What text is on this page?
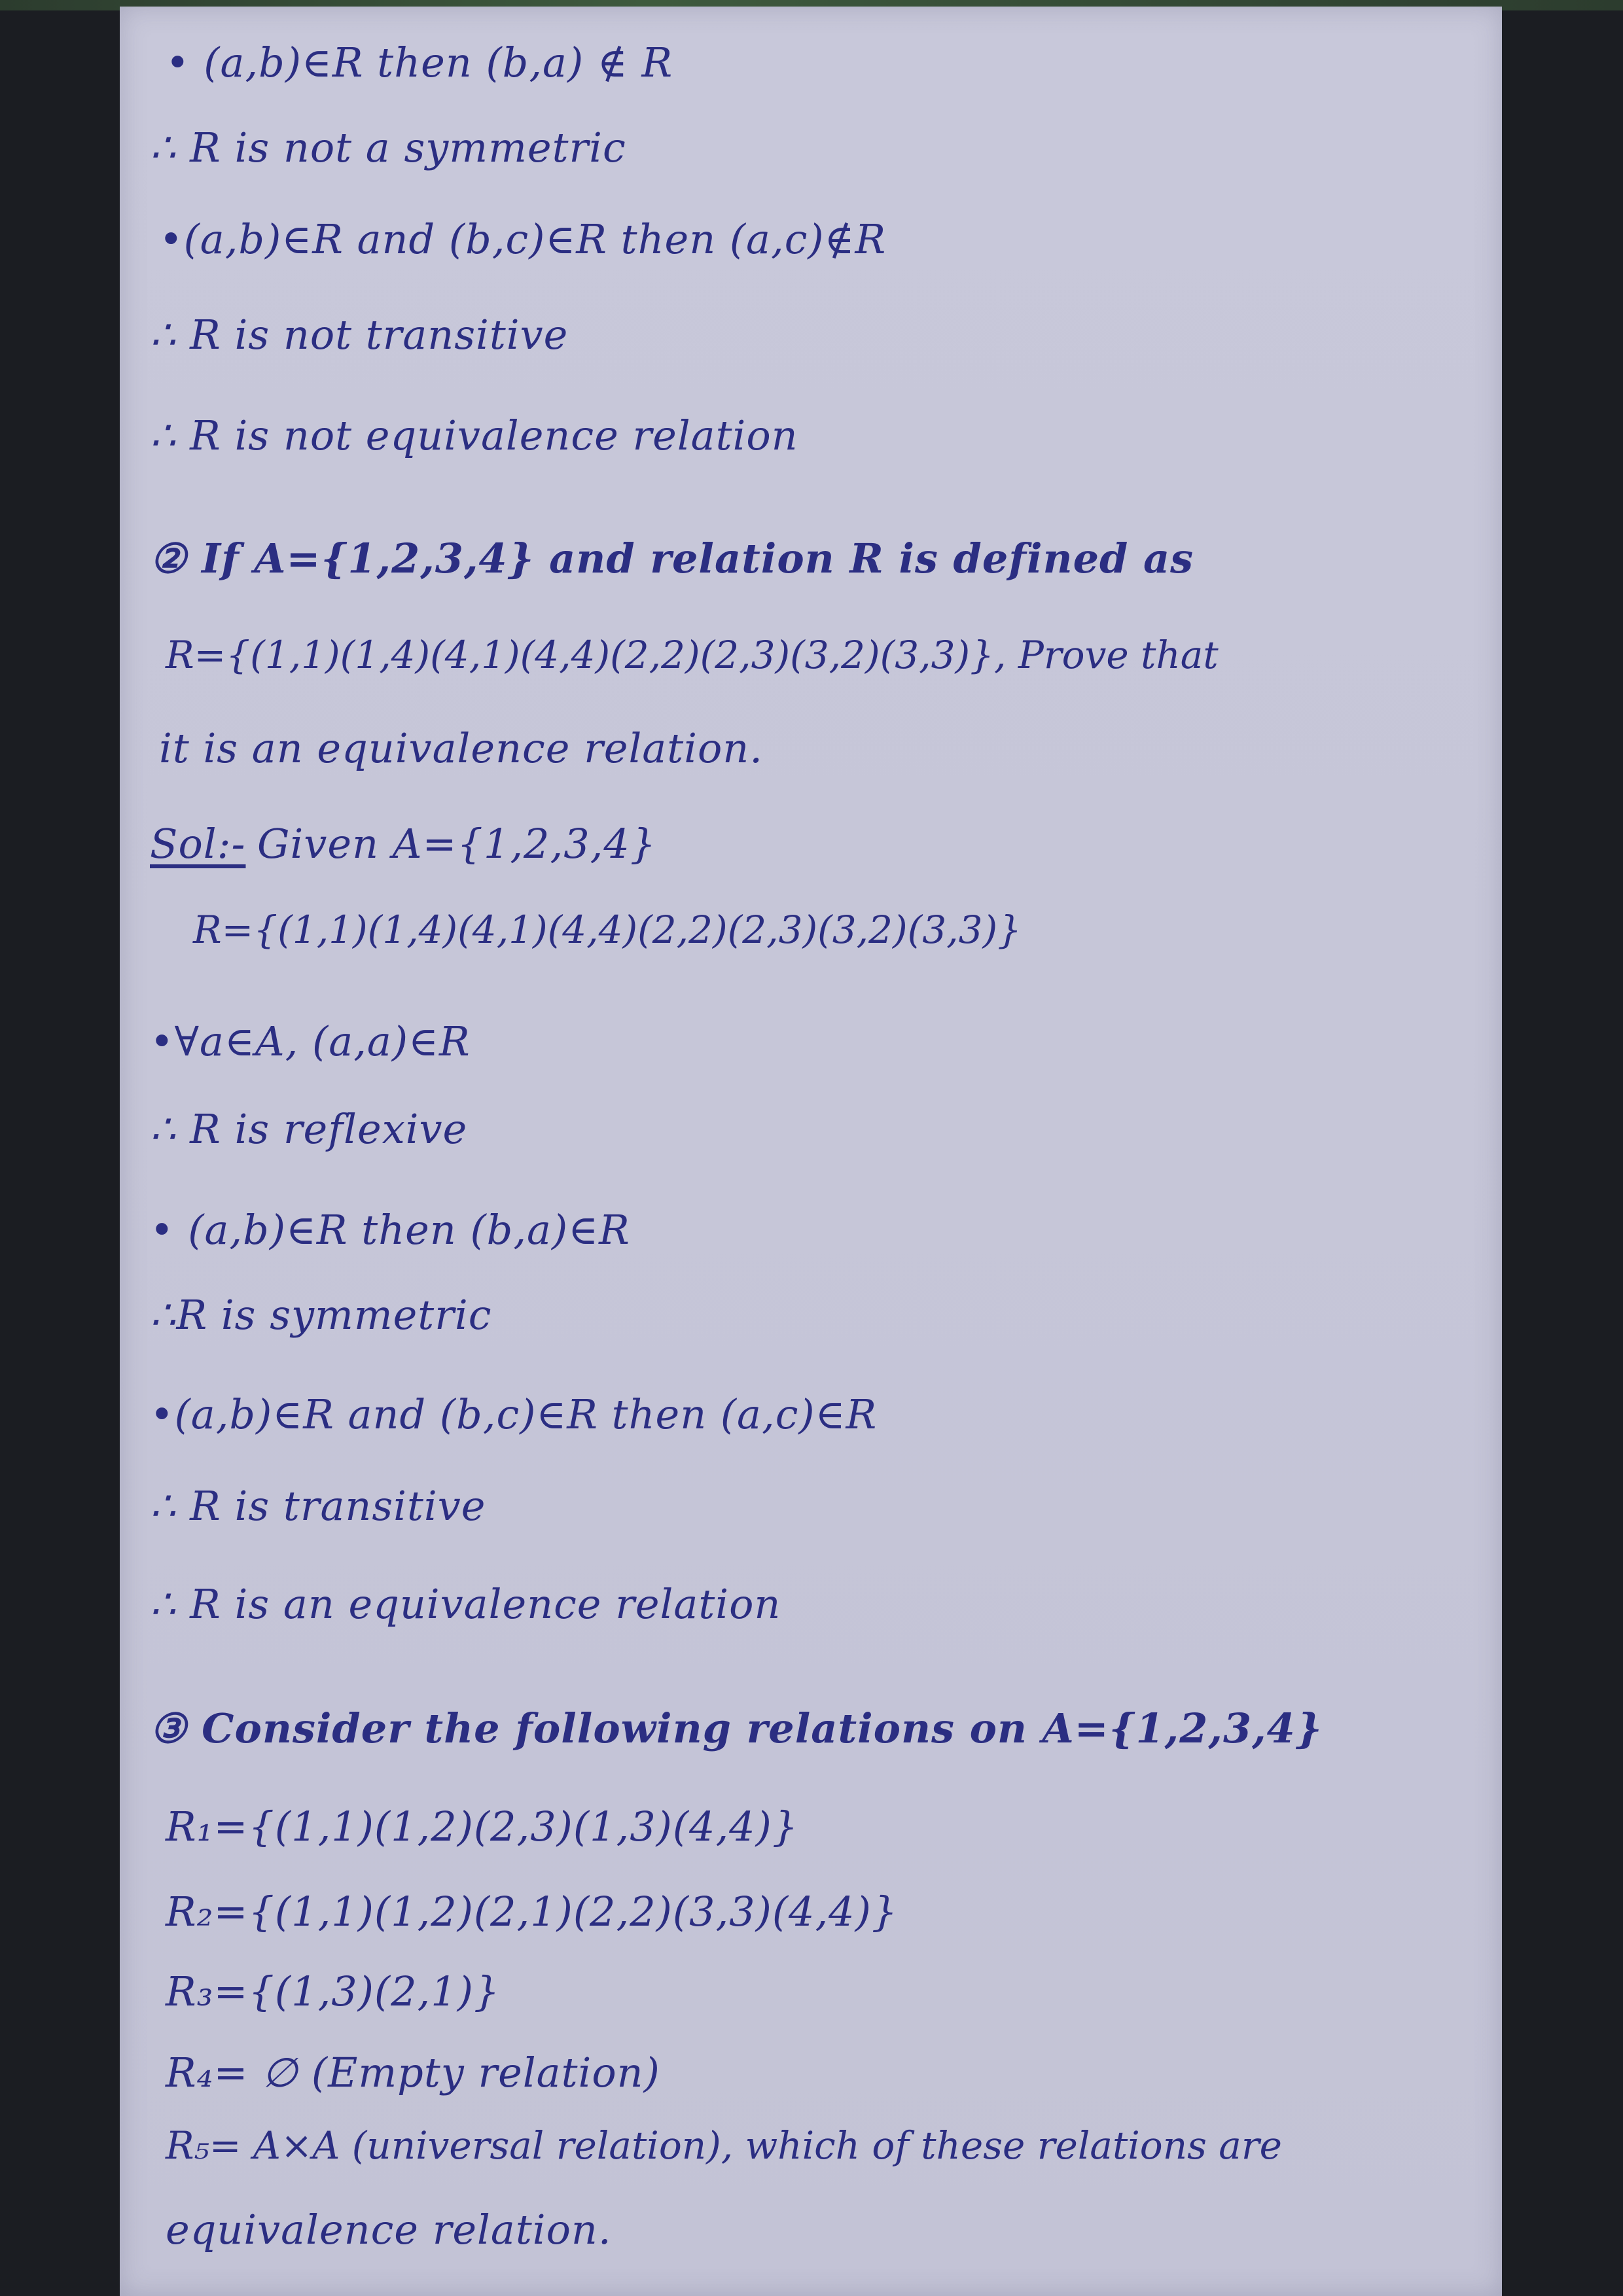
• (a,b)∈R then (b,a) ∉ R

∴ R is not a symmetric

•(a,b)∈R and (b,c)∈R then (a,c)∉R

∴ R is not transitive

∴ R is not equivalence relation

② If A={1,2,3,4} and relation R is defined as

R={(1,1)(1,4)(4,1)(4,4)(2,2)(2,3)(3,2)(3,3)}, Prove that

it is an equivalence relation.

Sol:- Given A={1,2,3,4}

R={(1,1)(1,4)(4,1)(4,4)(2,2)(2,3)(3,2)(3,3)}

•∀a∈A, (a,a)∈R

∴ R is reflexive

• (a,b)∈R then (b,a)∈R

∴R is symmetric

•(a,b)∈R and (b,c)∈R then (a,c)∈R

∴ R is transitive

∴ R is an equivalence relation

③ Consider the following relations on A={1,2,3,4}

R₁={(1,1)(1,2)(2,3)(1,3)(4,4)}

R₂={(1,1)(1,2)(2,1)(2,2)(3,3)(4,4)}

R₃={(1,3)(2,1)}

R₄= ∅ (Empty relation)

R₅= A×A (universal relation), which of these relations are

equivalence relation.
